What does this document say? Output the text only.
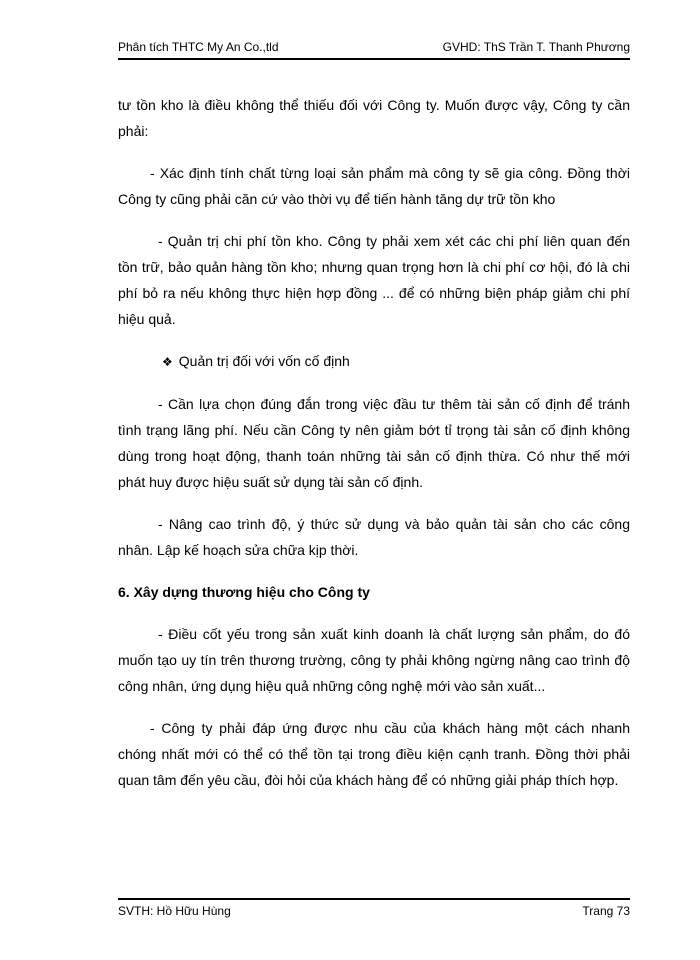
Phân tích THTC My An Co.,tld	GVHD: ThS Trần T. Thanh Phương

tư tồn kho là điều không thể thiếu đối với Công ty. Muốn được vậy, Công ty cần phải:

- Xác định tính chất từng loại sản phẩm mà công ty sẽ gia công. Đồng thời Công ty cũng phải căn cứ vào thời vụ để tiến hành tăng dự trữ tồn kho

- Quản trị chi phí tồn kho. Công ty phải xem xét các chi phí liên quan đến tồn trữ, bảo quản hàng tồn kho; nhưng quan trọng hơn là chi phí cơ hội, đó là chi phí bỏ ra nếu không thực hiện hợp đồng ... để có những biện pháp giảm chi phí hiệu quả.

❖ Quản trị đối với vốn cố định

- Cần lựa chọn đúng đắn trong việc đầu tư thêm tài sản cố định để tránh tình trạng lãng phí. Nếu cần Công ty nên giảm bớt tỉ trọng tài sản cố định không dùng trong hoạt động, thanh toán những tài sản cố định thừa. Có như thế mới phát huy được hiệu suất sử dụng tài sản cố định.

- Nâng cao trình độ, ý thức sử dụng và bảo quản tài sản cho các công nhân. Lập kế hoạch sửa chữa kịp thời.

6. Xây dựng thương hiệu cho Công ty

- Điều cốt yếu trong sản xuất kinh doanh là chất lượng sản phẩm, do đó muốn tạo uy tín trên thương trường, công ty phải không ngừng nâng cao trình độ công nhân, ứng dụng hiệu quả những công nghệ mới vào sản xuất...

- Công ty phải đáp ứng được nhu cầu của khách hàng một cách nhanh chóng nhất mới có thể có thể tồn tại trong điều kiện cạnh tranh. Đồng thời phải quan tâm đến yêu cầu, đòi hỏi của khách hàng để có những giải pháp thích hợp.

SVTH: Hồ Hữu Hùng	Trang 73
